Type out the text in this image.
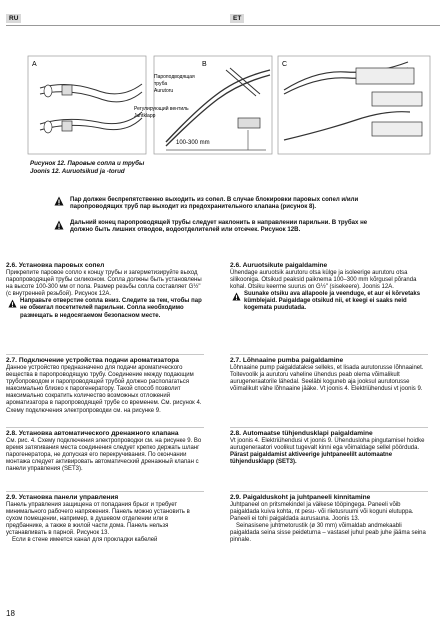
RU	ET
A	B
Пароподводящая
труба
Aurutoru
Регулирующий вентиль
Juhtklapp
100-300 mm
C
Рисунок 12. Паровые сопла и трубы
Joonis 12. Auruotsikud ja -torud
Пар должен беспрепятственно выходить из сопел. В случае блокировки паровых сопел и/или паропроводящих труб пар выходит из предохранительного клапана (рисунок 8).
Дальний конец паропроводящей трубы следует наклонить в направлении парильни. В трубах не должно быть лишних отводов, водоотделителей или отсечек. Рисунок 12B.
2.6. Установка паровых сопел
Прикрепите паровое сопло к концу трубы и загерметизируйте выход паропроводящей трубы силиконом. Сопла должны быть установлены на высоте 100-300 мм от пола. Размер резьбы сопла составляет G½" (с внутренней резьбой). Рисунок 12A.
Направьте отверстие сопла вниз. Следите за тем, чтобы пар не обжигал посетителей парильни. Сопла необходимо размещать в недосягаемом безопасном месте.
2.7. Подключение устройства подачи ароматизатора
Данное устройство предназначено для подачи ароматического вещества в паропроводящую трубу. Соединение между подающим трубопроводом и паропроводящей трубой должно располагаться максимально близко к парогенератору. Такой способ позволит максимально сократить количество возможных отложений ароматизатора в паропроводящей трубе со временем. См. рисунок 4. Схему подключения электропроводки см. на рисунке 9.
2.8. Установка автоматического дренажного клапана
См. рис. 4. Схему подключения электропроводки см. на рисунке 9. Во время затягивания места соединения следует крепко держать шланг парогенератора, не допуская его перекручивания. По окончании монтажа следует активировать автоматический дренажный клапан с панели управления (SET3).
2.9. Установка панели управления
Панель управления защищена от попадания брызг и требует минимального рабочего напряжения. Панель можно установить в сухом помещении, например, в душевом отделении или в предбаннике, а также в жилой части дома. Панель нельзя устанавливать в парной. Рисунок 13.
Если в стене имеется канал для прокладки кабелей
2.6. Auruotsikute paigaldamine
Ühendage auruotsik aurutoru otsa külge ja isoleerige aurutoru otsa silikooniga. Otsikud peaksid paiknema 100–300 mm kõrgusel põranda kohal. Otsiku keerme suurus on G½" (sisekeere). Joonis 12A.
Suunake otsiku ava allapoole ja veenduge, et aur ei kõrvetaks kümblejaid. Paigaldage otsikud nii, et keegi ei saaks neid kogemata puudutada.
2.7. Lõhnaaine pumba paigaldamine
Lõhnaaine pump paigaldatakse selleks, et lisada aurutorusse lõhnaainet. Toitevoolik ja aurutoru vaheline ühendus peab olema võimalikult aurugeneraatorile lähedal. Seeläbi koguneb aja jooksul aurutorusse võimalikult vähe lõhnaaine jääke. Vt joonis 4. Elektriühendusi vt joonis 9.
2.8. Automaatse tühjendusklapi paigaldamine
Vt joonis 4. Elektriühendusi vt joonis 9. Ühendusloha pingutamisel hoidke aurugeneraatori voolikut tugevalt kinni ega võimaldage sellel pöörduda. Pärast paigaldamist aktiveerige juhtpaneelilt automaatne tühjendusklapp (SET3).
2.9. Paigalduskoht ja juhtpaneeli kinnitamine
Juhtpaneel on pritsmekindel ja väikese tööpingega. Paneeli võib paigaldada kuiva kohta, nt pesu- või riietusruumi või koguni elutuppa. Paneeli ei tohi paigaldada aurusauna. Joonis 13.
Seinasisene juhtmetorustik (ø 30 mm) võimaldab andmekaabli paigaldada seina sisse peideturna – vastasel juhul peab juhe jääma seina pinnale.
18
